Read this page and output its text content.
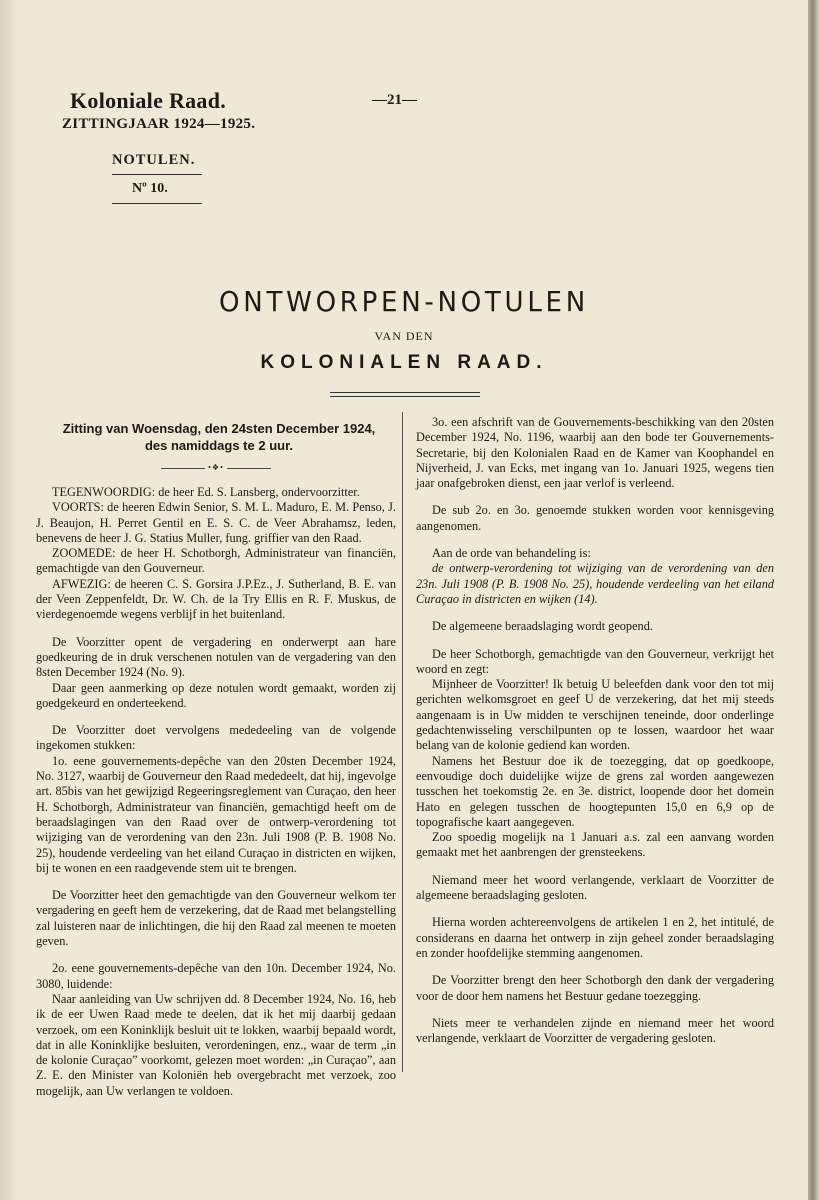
Koloniale Raad.
ZITTINGJAAR 1924—1925.
—21—
NOTULEN.
Nº 10.
ONTWORPEN-NOTULEN
VAN DEN
KOLONIALEN RAAD.
Zitting van Woensdag, den 24sten December 1924,
des namiddags te 2 uur.
•❖•

TEGENWOORDIG: de heer Ed. S. Lansberg, ondervoorzitter.

VOORTS: de heeren Edwin Senior, S. M. L. Maduro, E. M. Penso, J. J. Beaujon, H. Perret Gentil en E. S. C. de Veer Abrahamsz, leden, benevens de heer J. G. Statius Muller, fung. griffier van den Raad.

ZOOMEDE: de heer H. Schotborgh, Administrateur van financiën, gemachtigde van den Gouverneur.

AFWEZIG: de heeren C. S. Gorsira J.P.Ez., J. Sutherland, B. E. van der Veen Zeppenfeldt, Dr. W. Ch. de la Try Ellis en R. F. Muskus, de vierdegenoemde wegens verblijf in het buitenland.

De Voorzitter opent de vergadering en onderwerpt aan hare goedkeuring de in druk verschenen notulen van de vergadering van den 8sten December 1924 (No. 9).

Daar geen aanmerking op deze notulen wordt gemaakt, worden zij goedgekeurd en onderteekend.

De Voorzitter doet vervolgens mededeeling van de volgende ingekomen stukken:

1o. eene gouvernements-depêche van den 20sten December 1924, No. 3127, waarbij de Gouverneur den Raad mededeelt, dat hij, ingevolge art. 85bis van het gewijzigd Regeeringsreglement van Curaçao, den heer H. Schotborgh, Administrateur van financiën, gemachtigd heeft om de beraadslagingen van den Raad over de ontwerp-verordening tot wijziging van de verordening van den 23n. Juli 1908 (P. B. 1908 No. 25), houdende verdeeling van het eiland Curaçao in districten en wijken, bij te wonen en een raadgevende stem uit te brengen.

De Voorzitter heet den gemachtigde van den Gouverneur welkom ter vergadering en geeft hem de verzekering, dat de Raad met belangstelling zal luisteren naar de inlichtingen, die hij den Raad zal meenen te moeten geven.

2o. eene gouvernements-depêche van den 10n. December 1924, No. 3080, luidende:

Naar aanleiding van Uw schrijven dd. 8 December 1924, No. 16, heb ik de eer Uwen Raad mede te deelen, dat ik het mij daarbij gedaan verzoek, om een Koninklijk besluit uit te lokken, waarbij bepaald wordt, dat in alle Koninklijke besluiten, verordeningen, enz., waar de term „in de kolonie Curaçao” voorkomt, gelezen moet worden: „in Curaçao”, aan Z. E. den Minister van Koloniën heb overgebracht met verzoek, zoo mogelijk, aan Uw verlangen te voldoen.

3o. een afschrift van de Gouvernements-beschikking van den 20sten December 1924, No. 1196, waarbij aan den bode ter Gouvernements-Secretarie, bij den Kolonialen Raad en de Kamer van Koophandel en Nijverheid, J. van Ecks, met ingang van 1o. Januari 1925, wegens tien jaar onafgebroken dienst, een jaar verlof is verleend.

De sub 2o. en 3o. genoemde stukken worden voor kennisgeving aangenomen.

Aan de orde van behandeling is:

de ontwerp-verordening tot wijziging van de verordening van den 23n. Juli 1908 (P. B. 1908 No. 25), houdende verdeeling van het eiland Curaçao in districten en wijken (14).

De algemeene beraadslaging wordt geopend.

De heer Schotborgh, gemachtigde van den Gouverneur, verkrijgt het woord en zegt:

Mijnheer de Voorzitter! Ik betuig U beleefden dank voor den tot mij gerichten welkomsgroet en geef U de verzekering, dat het mij steeds aangenaam is in Uw midden te verschijnen teneinde, door onderlinge gedachtenwisseling verschilpunten op te lossen, waardoor het waar belang van de kolonie gediend kan worden.

Namens het Bestuur doe ik de toezegging, dat op goedkoope, eenvoudige doch duidelijke wijze de grens zal worden aangewezen tusschen het toekomstig 2e. en 3e. district, loopende door het domein Hato en gelegen tusschen de hoogtepunten 15,0 en 6,9 op de topografische kaart aangegeven.

Zoo spoedig mogelijk na 1 Januari a.s. zal een aanvang worden gemaakt met het aanbrengen der grensteekens.

Niemand meer het woord verlangende, verklaart de Voorzitter de algemeene beraadslaging gesloten.

Hierna worden achtereenvolgens de artikelen 1 en 2, het intitulé, de considerans en daarna het ontwerp in zijn geheel zonder beraadslaging en zonder hoofdelijke stemming aangenomen.

De Voorzitter brengt den heer Schotborgh den dank der vergadering voor de door hem namens het Bestuur gedane toezegging.

Niets meer te verhandelen zijnde en niemand meer het woord verlangende, verklaart de Voorzitter de vergadering gesloten.
